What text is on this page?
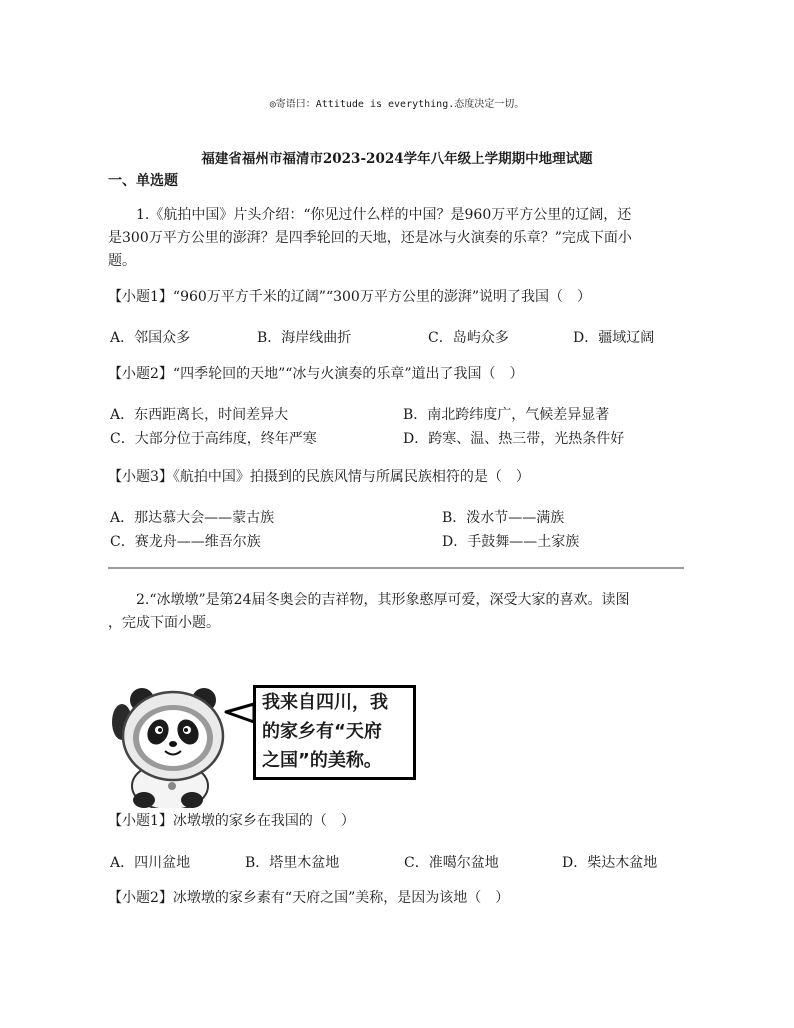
◎寄语曰：Attitude is everything.态度决定一切。
福建省福州市福清市2023-2024学年八年级上学期期中地理试题
一、单选题
1.《航拍中国》片头介绍：“你见过什么样的中国？是960万平方公里的辽阔，还
是300万平方公里的澎湃？是四季轮回的天地，还是冰与火演奏的乐章？”完成下面小
题。
【小题1】“960万平方千米的辽阔”“300万平方公里的澎湃”说明了我国（　）
A．邻国众多	B．海岸线曲折	C．岛屿众多	D．疆域辽阔
【小题2】“四季轮回的天地”“冰与火演奏的乐章”道出了我国（　）
A．东西距离长，时间差异大	B．南北跨纬度广，气候差异显著
C．大部分位于高纬度，终年严寒	D．跨寒、温、热三带，光热条件好
【小题3】《航拍中国》拍摄到的民族风情与所属民族相符的是（　）
A．那达慕大会——蒙古族	B．泼水节——满族
C．赛龙舟——维吾尔族	D．手鼓舞——土家族
2.“冰墩墩”是第24届冬奥会的吉祥物，其形象憨厚可爱，深受大家的喜欢。读图
，完成下面小题。
我来自四川，我
的家乡有“天府
之国”的美称。
【小题1】冰墩墩的家乡在我国的（　）
A．四川盆地	B．塔里木盆地	C．准噶尔盆地	D．柴达木盆地
【小题2】冰墩墩的家乡素有“天府之国”美称，是因为该地（　）
